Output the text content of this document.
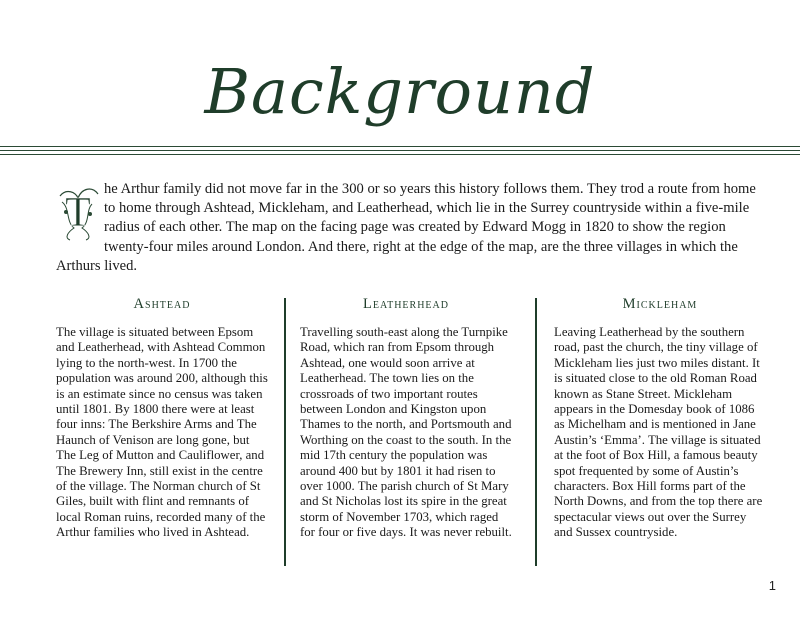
Background
T

he Arthur family did not move far in the 300 or so years this history follows them. They trod a route from home to home through Ashtead, Mickleham, and Leatherhead, which lie in the Surrey countryside within a five-mile radius of each other. The map on the facing page was created by Edward Mogg in 1820 to show the region twenty-four miles around London. And there, right at the edge of the map, are the three villages in which the Arthurs lived.

Ashtead

The village is situated between Epsom and Leatherhead, with Ashtead Common lying to the north-west. In 1700 the population was around 200, although this is an estimate since no census was taken until 1801. By 1800 there were at least four inns: The Berkshire Arms and The Haunch of Venison are long gone, but The Leg of Mutton and Cauliflower, and The Brewery Inn, still exist in the centre of the village. The Norman church of St Giles, built with flint and remnants of local Roman ruins, recorded many of the Arthur families who lived in Ashtead.

Leatherhead

Travelling south-east along the Turnpike Road, which ran from Epsom through Ashtead, one would soon arrive at Leatherhead. The town lies on the crossroads of two important routes between London and Kingston upon Thames to the north, and Portsmouth and Worthing on the coast to the south. In the mid 17th century the population was around 400 but by 1801 it had risen to over 1000. The parish church of St Mary and St Nicholas lost its spire in the great storm of November 1703, which raged for four or five days. It was never rebuilt.

Mickleham

Leaving Leatherhead by the southern road, past the church, the tiny village of Mickleham lies just two miles distant. It is situated close to the old Roman Road known as Stane Street. Mickleham appears in the Domesday book of 1086 as Michelham and is mentioned in Jane Austin’s ‘Emma’. The village is situated at the foot of Box Hill, a famous beauty spot frequented by some of Austin’s characters. Box Hill forms part of the North Downs, and from the top there are spectacular views out over the Surrey and Sussex countryside.

1
